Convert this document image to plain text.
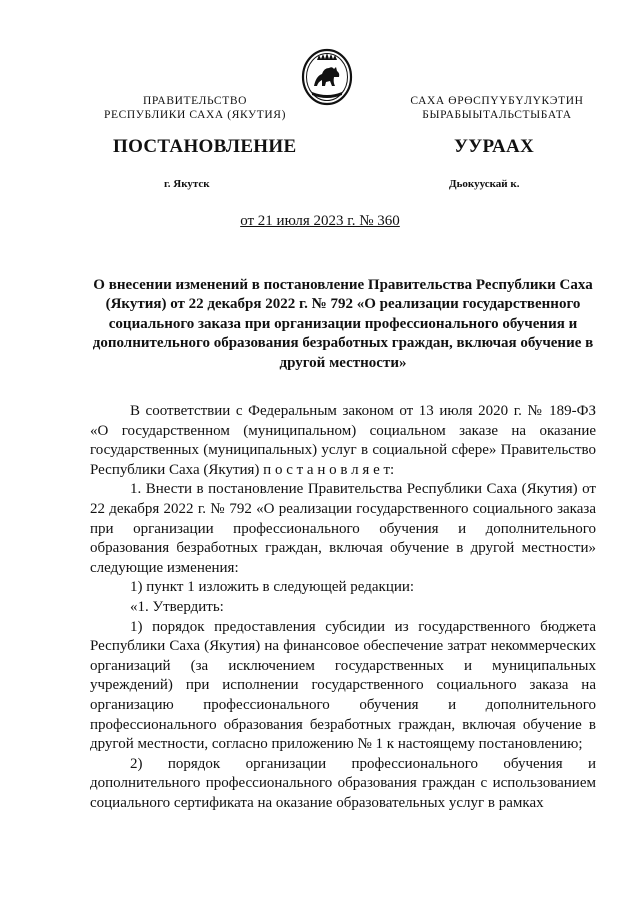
ПРАВИТЕЛЬСТВО
РЕСПУБЛИКИ САХА (ЯКУТИЯ)
САХА ӨРӨСПҮҮБҮЛҮКЭТИН
БЫРАБЫЫТАЛЬСТЫБАТА
ПОСТАНОВЛЕНИЕ	УУРААХ
г. Якутск	Дьокуускай к.
от 21 июля 2023 г. № 360
О внесении изменений в постановление Правительства Республики Саха (Якутия) от 22 декабря 2022 г. № 792 «О реализации государственного социального заказа при организации профессионального обучения и дополнительного образования безработных граждан, включая обучение в другой местности»

В соответствии с Федеральным законом от 13 июля 2020 г. № 189-ФЗ «О государственном (муниципальном) социальном заказе на оказание государственных (муниципальных) услуг в социальной сфере» Правительство Республики Саха (Якутия) п о с т а н о в л я е т:

1. Внести в постановление Правительства Республики Саха (Якутия) от 22 декабря 2022 г. № 792 «О реализации государственного социального заказа при организации профессионального обучения и дополнительного образования безработных граждан, включая обучение в другой местности» следующие изменения:

1) пункт 1 изложить в следующей редакции:

«1. Утвердить:

1) порядок предоставления субсидии из государственного бюджета Республики Саха (Якутия) на финансовое обеспечение затрат некоммерческих организаций (за исключением государственных и муниципальных учреждений) при исполнении государственного социального заказа на организацию профессионального обучения и дополнительного профессионального образования безработных граждан, включая обучение в другой местности, согласно приложению № 1 к настоящему постановлению;

2) порядок организации профессионального обучения и дополнительного профессионального образования граждан с использованием социального сертификата на оказание образовательных услуг в рамках
